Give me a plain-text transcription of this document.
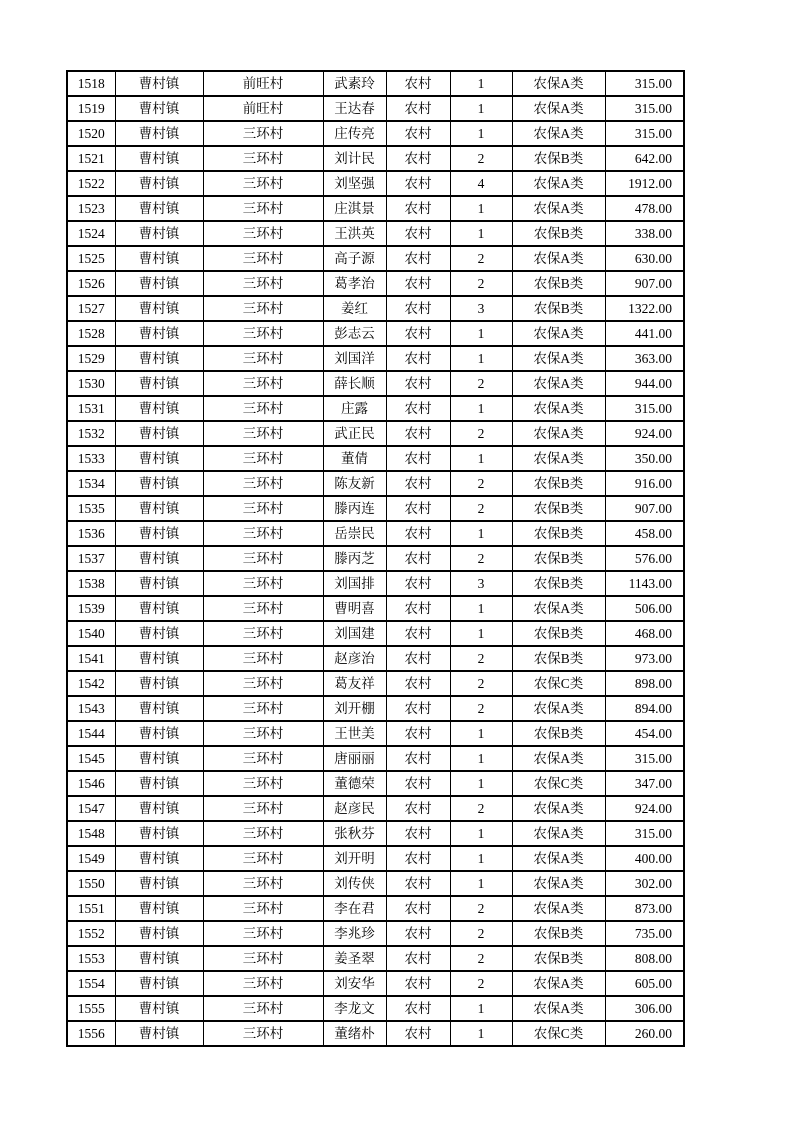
1518	曹村镇	前旺村	武素玲	农村	1	农保A类	315.00
1519	曹村镇	前旺村	王达春	农村	1	农保A类	315.00
1520	曹村镇	三环村	庄传亮	农村	1	农保A类	315.00
1521	曹村镇	三环村	刘计民	农村	2	农保B类	642.00
1522	曹村镇	三环村	刘坚强	农村	4	农保A类	1912.00
1523	曹村镇	三环村	庄淇景	农村	1	农保A类	478.00
1524	曹村镇	三环村	王洪英	农村	1	农保B类	338.00
1525	曹村镇	三环村	高子源	农村	2	农保A类	630.00
1526	曹村镇	三环村	葛孝治	农村	2	农保B类	907.00
1527	曹村镇	三环村	姜红	农村	3	农保B类	1322.00
1528	曹村镇	三环村	彭志云	农村	1	农保A类	441.00
1529	曹村镇	三环村	刘国洋	农村	1	农保A类	363.00
1530	曹村镇	三环村	薛长顺	农村	2	农保A类	944.00
1531	曹村镇	三环村	庄露	农村	1	农保A类	315.00
1532	曹村镇	三环村	武正民	农村	2	农保A类	924.00
1533	曹村镇	三环村	董倩	农村	1	农保A类	350.00
1534	曹村镇	三环村	陈友新	农村	2	农保B类	916.00
1535	曹村镇	三环村	滕丙连	农村	2	农保B类	907.00
1536	曹村镇	三环村	岳崇民	农村	1	农保B类	458.00
1537	曹村镇	三环村	滕丙芝	农村	2	农保B类	576.00
1538	曹村镇	三环村	刘国排	农村	3	农保B类	1143.00
1539	曹村镇	三环村	曹明喜	农村	1	农保A类	506.00
1540	曹村镇	三环村	刘国建	农村	1	农保B类	468.00
1541	曹村镇	三环村	赵彦治	农村	2	农保B类	973.00
1542	曹村镇	三环村	葛友祥	农村	2	农保C类	898.00
1543	曹村镇	三环村	刘开棚	农村	2	农保A类	894.00
1544	曹村镇	三环村	王世美	农村	1	农保B类	454.00
1545	曹村镇	三环村	唐丽丽	农村	1	农保A类	315.00
1546	曹村镇	三环村	董德荣	农村	1	农保C类	347.00
1547	曹村镇	三环村	赵彦民	农村	2	农保A类	924.00
1548	曹村镇	三环村	张秋芬	农村	1	农保A类	315.00
1549	曹村镇	三环村	刘开明	农村	1	农保A类	400.00
1550	曹村镇	三环村	刘传侠	农村	1	农保A类	302.00
1551	曹村镇	三环村	李在君	农村	2	农保A类	873.00
1552	曹村镇	三环村	李兆珍	农村	2	农保B类	735.00
1553	曹村镇	三环村	姜圣翠	农村	2	农保B类	808.00
1554	曹村镇	三环村	刘安华	农村	2	农保A类	605.00
1555	曹村镇	三环村	李龙文	农村	1	农保A类	306.00
1556	曹村镇	三环村	董绪朴	农村	1	农保C类	260.00
